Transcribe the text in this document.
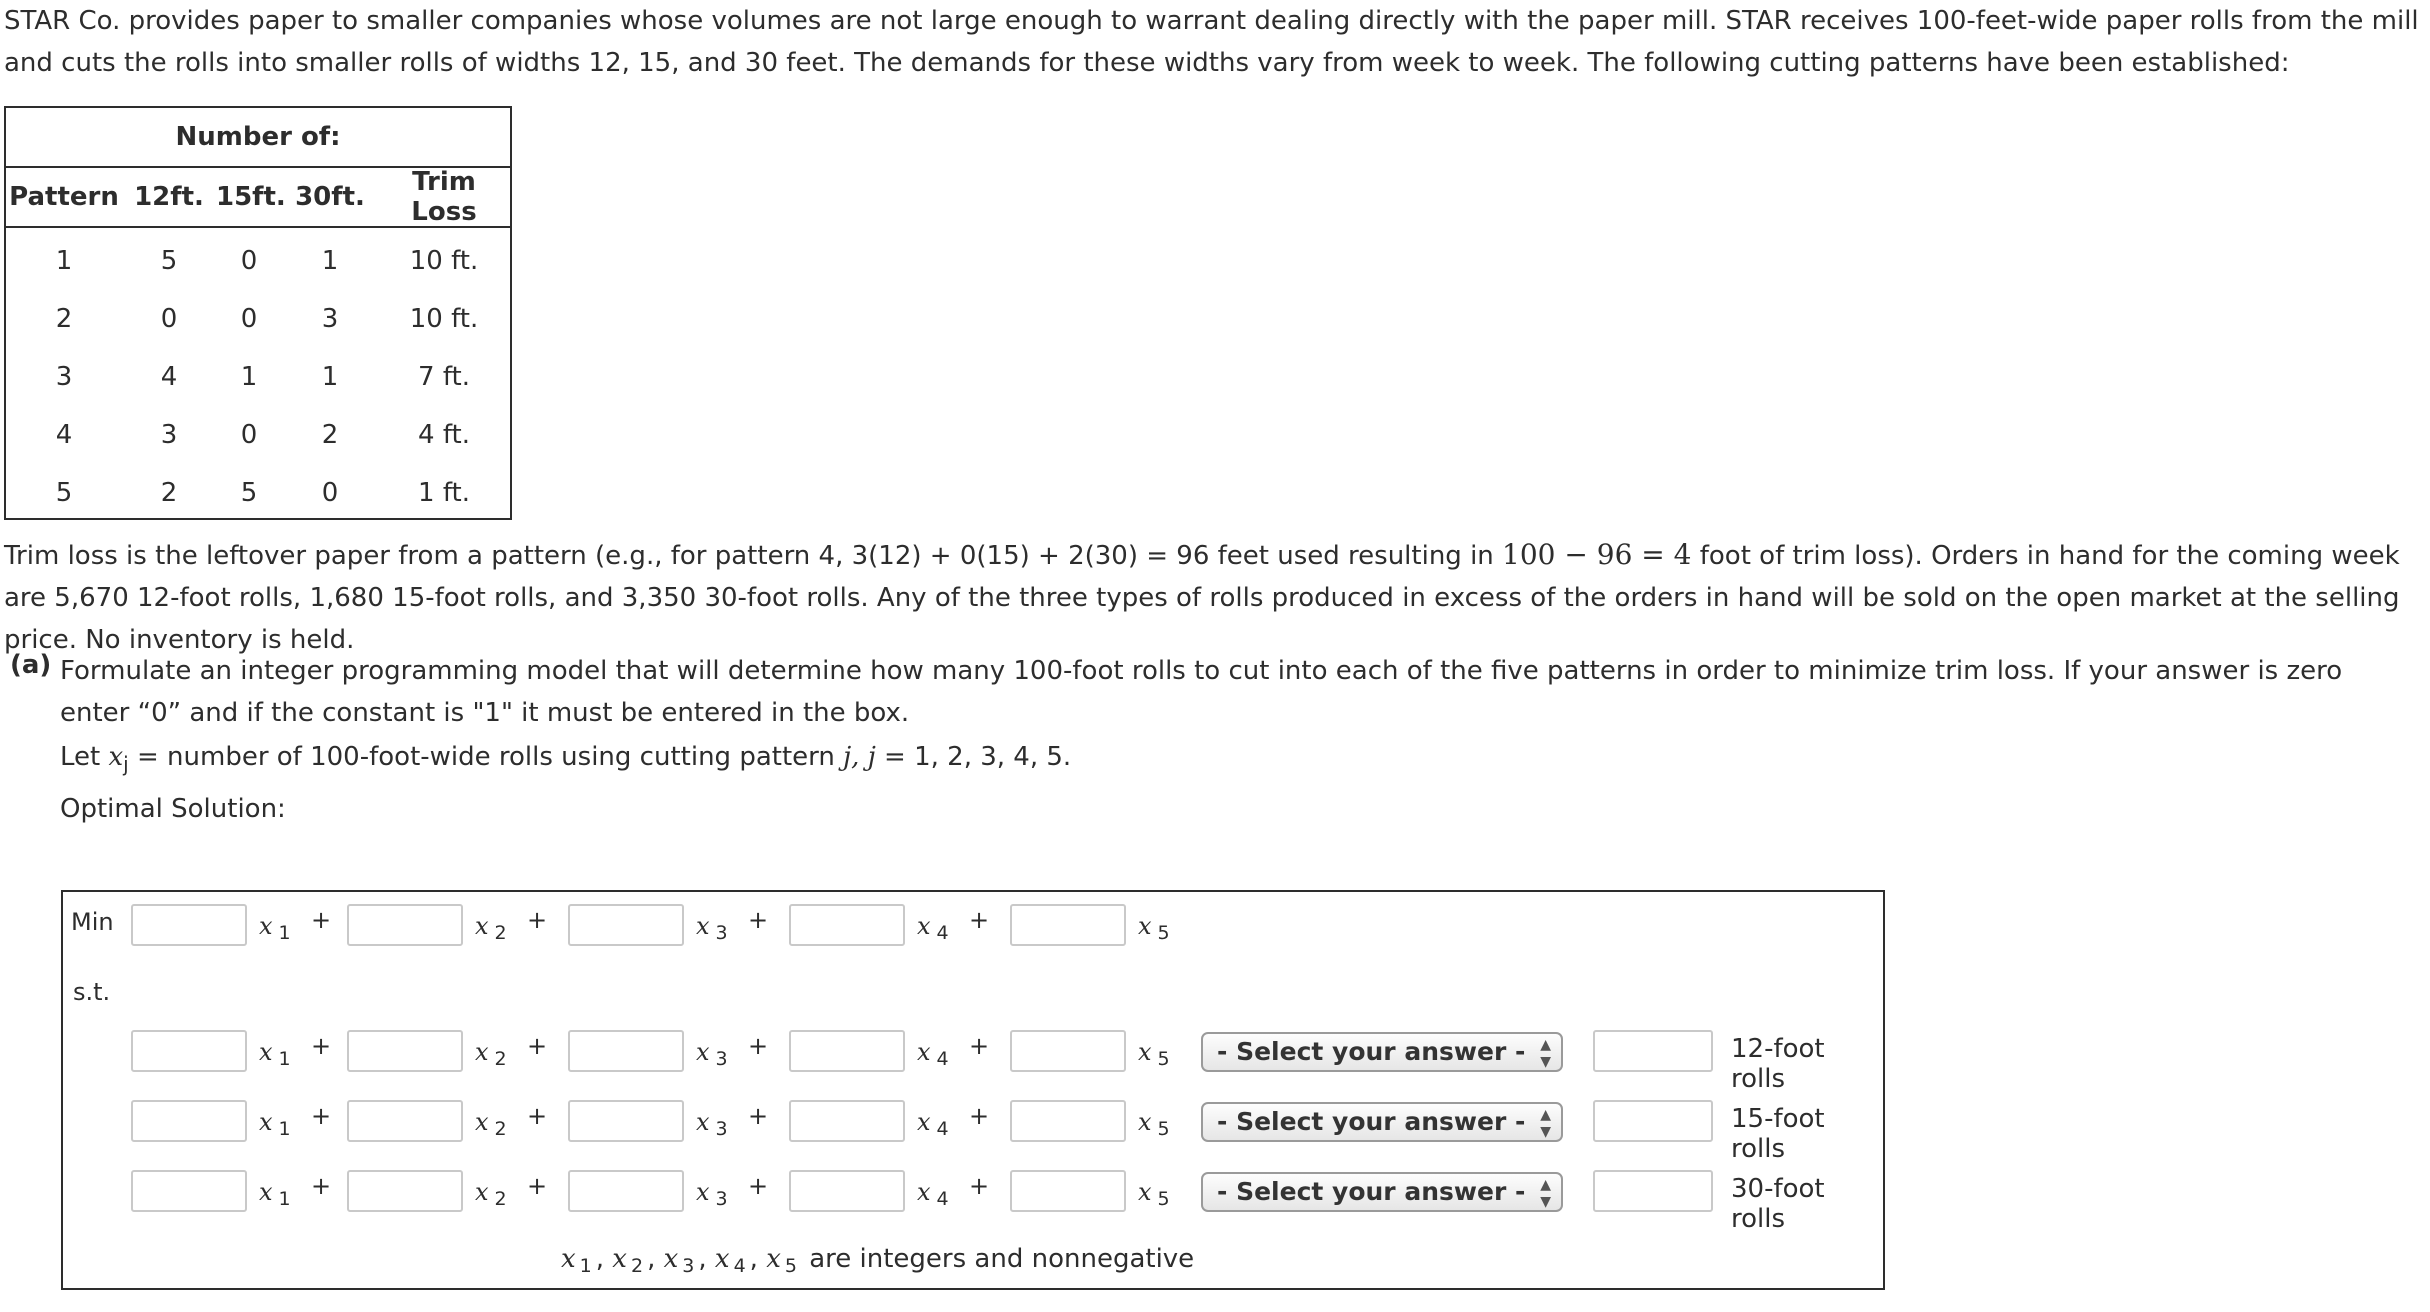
STAR Co. provides paper to smaller companies whose volumes are not large enough to warrant dealing directly with the paper mill. STAR receives 100-feet-wide paper rolls from the mill and cuts the rolls into smaller rolls of widths 12, 15, and 30 feet. The demands for these widths vary from week to week. The following cutting patterns have been established:

Number of:
Pattern 12ft. 15ft. 30ft.	Trim Loss
1	5	0	1	10 ft.
2	0	0	3	10 ft.
3	4	1	1	7 ft.
4	3	0	2	4 ft.
5	2	5	0	1 ft.

Trim loss is the leftover paper from a pattern (e.g., for pattern 4, 3(12) + 0(15) + 2(30) = 96 feet used resulting in 100 − 96 = 4 foot of trim loss). Orders in hand for the coming week are 5,670 12-foot rolls, 1,680 15-foot rolls, and 3,350 30-foot rolls. Any of the three types of rolls produced in excess of the orders in hand will be sold on the open market at the selling price. No inventory is held.

(a) Formulate an integer programming model that will determine how many 100-foot rolls to cut into each of the five patterns in order to minimize trim loss. If your answer is zero enter “0” and if the constant is "1" it must be entered in the box.

Let $x_j$ = number of 100-foot-wide rolls using cutting pattern j, j = 1, 2, 3, 4, 5.
Optimal Solution:
Min
s.t.
x $_1$ +	x $_2$ +	x $_3$ +	x $_4$ +	x $_5$
x $_1$ +	x $_2$ +	x $_3$ +	x $_4$ +	x $_5$	- Select your answer - ▲
▼	12-foot rolls
x $_1$ +	x $_2$ +	x $_3$ +	x $_4$ +	x $_5$	- Select your answer - ▲
▼	15-foot rolls
x $_1$ +	x $_2$ +	x $_3$ +	x $_4$ +	x $_5$	- Select your answer - ▲
▼	30-foot rolls
x 1 , x 2 , x 3 , x 4 , x 5 are integers and nonnegative
